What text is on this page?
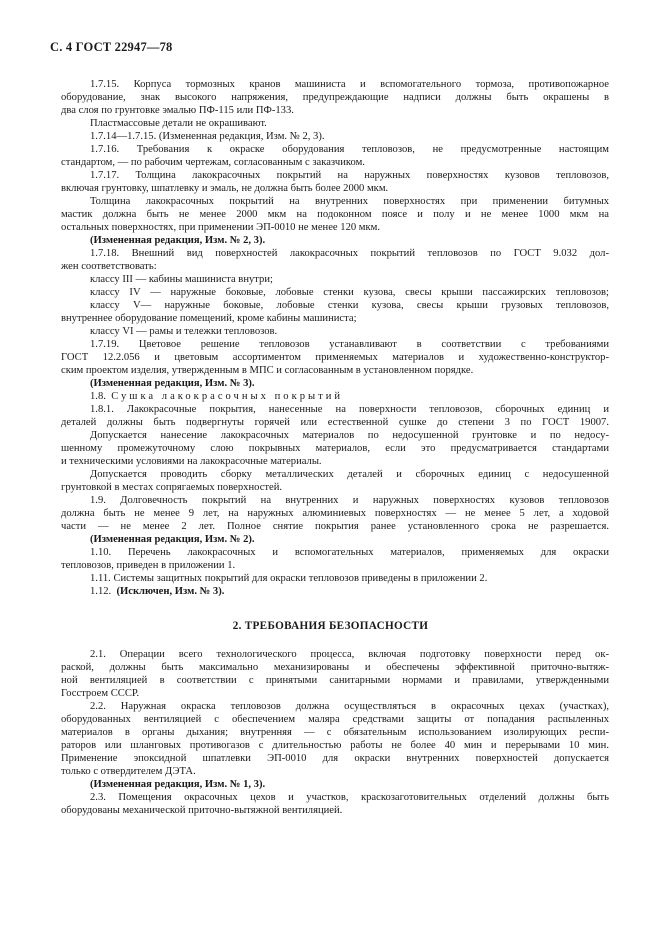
С. 4 ГОСТ 22947—78
1.7.15. Корпуса тормозных кранов машиниста и вспомогательного тормоза, противопожарное
оборудование, знак высокого напряжения, предупреждающие надписи должны быть окрашены в
два слоя по грунтовке эмалью ПФ-115 или ПФ-133.
Пластмассовые детали не окрашивают.
1.7.14—1.7.15. (Измененная редакция, Изм. № 2, 3).
1.7.16. Требования к окраске оборудования тепловозов, не предусмотренные настоящим
стандартом, — по рабочим чертежам, согласованным с заказчиком.
1.7.17. Толщина лакокрасочных покрытий на наружных поверхностях кузовов тепловозов,
включая грунтовку, шпатлевку и эмаль, не должна быть более 2000 мкм.
Толщина лакокрасочных покрытий на внутренних поверхностях при применении битумных
мастик должна быть не менее 2000 мкм на подоконном поясе и полу и не менее 1000 мкм на
остальных поверхностях, при применении ЭП-0010 не менее 120 мкм.
(Измененная редакция, Изм. № 2, 3).
1.7.18. Внешний вид поверхностей лакокрасочных покрытий тепловозов по ГОСТ 9.032 дол-
жен соответствовать:
классу III — кабины машиниста внутри;
классу IV — наружные боковые, лобовые стенки кузова, свесы крыши пассажирских тепловозов;
классу V— наружные боковые, лобовые стенки кузова, свесы крыши грузовых тепловозов,
внутреннее оборудование помещений, кроме кабины машиниста;
классу VI — рамы и тележки тепловозов.
1.7.19. Цветовое решение тепловозов устанавливают в соответствии с требованиями
ГОСТ 12.2.056 и цветовым ассортиментом применяемых материалов и художественно-конструктор-
ским проектом изделия, утвержденным в МПС и согласованным в установленном порядке.
(Измененная редакция, Изм. № 3).
1.8. Сушка лакокрасочных покрытий
1.8.1. Лакокрасочные покрытия, нанесенные на поверхности тепловозов, сборочных единиц и
деталей должны быть подвергнуты горячей или естественной сушке до степени 3 по ГОСТ 19007.
Допускается нанесение лакокрасочных материалов по недосушенной грунтовке и по недосу-
шенному промежуточному слою покрывных материалов, если это предусматривается стандартами
и техническими условиями на лакокрасочные материалы.
Допускается проводить сборку металлических деталей и сборочных единиц с недосушенной
грунтовкой в местах сопрягаемых поверхностей.
1.9. Долговечность покрытий на внутренних и наружных поверхностях кузовов тепловозов
должна быть не менее 9 лет, на наружных алюминиевых поверхностях — не менее 5 лет, а ходовой
части — не менее 2 лет. Полное снятие покрытия ранее установленного срока не разрешается.
(Измененная редакция, Изм. № 2).
1.10. Перечень лакокрасочных и вспомогательных материалов, применяемых для окраски
тепловозов, приведен в приложении 1.
1.11. Системы защитных покрытий для окраски тепловозов приведены в приложении 2.
1.12. (Исключен, Изм. № 3).
2. ТРЕБОВАНИЯ БЕЗОПАСНОСТИ
2.1. Операции всего технологического процесса, включая подготовку поверхности перед ок-
раской, должны быть максимально механизированы и обеспечены эффективной приточно-вытяж-
ной вентиляцией в соответствии с принятыми санитарными нормами и правилами, утвержденными
Госстроем СССР.
2.2. Наружная окраска тепловозов должна осуществляться в окрасочных цехах (участках),
оборудованных вентиляцией с обеспечением маляра средствами защиты от попадания распыленных
материалов в органы дыхания; внутренняя — с обязательным использованием изолирующих респи-
раторов или шланговых противогазов с длительностью работы не более 40 мин и перерывами 10 мин.
Применение эпоксидной шпатлевки ЭП-0010 для окраски внутренних поверхностей допускается
только с отвердителем ДЭТА.
(Измененная редакция, Изм. № 1, 3).
2.3. Помещения окрасочных цехов и участков, краскозаготовительных отделений должны быть
оборудованы механической приточно-вытяжной вентиляцией.
